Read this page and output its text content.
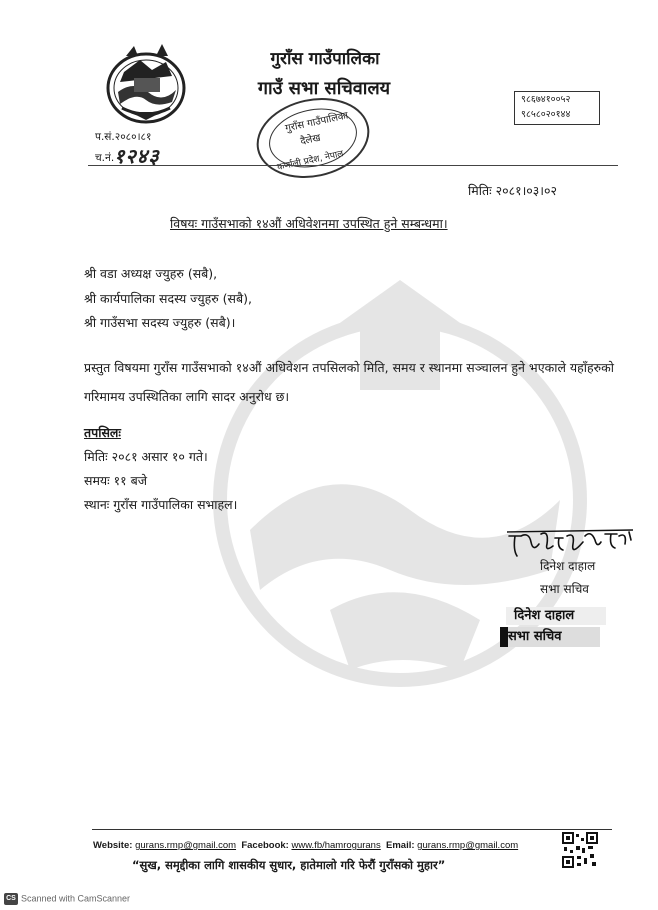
गुराँस गाउँपालिका
गाउँ सभा सचिवालय
९८६७४१००५२
९८५८०२०१४४
प.सं.२०८०।८१
च.नं. १२४३
गुराँस गाउँपालिका
दैलेख
कर्णाली प्रदेश, नेपाल
मितिः २०८१।०३।०२
विषयः गाउँसभाको १४औं अधिवेशनमा उपस्थित हुने सम्बन्धमा।
श्री वडा अध्यक्ष ज्युहरु (सबै),
श्री कार्यपालिका सदस्य ज्युहरु (सबै),
श्री गाउँसभा सदस्य ज्युहरु (सबै)।
प्रस्तुत विषयमा गुराँस गाउँसभाको १४औं अधिवेशन तपसिलको मिति, समय र स्थानमा सञ्चालन हुने भएकाले यहाँहरुको गरिमामय उपस्थितिका लागि सादर अनुरोध छ।
तपसिलः
मितिः २०८१ असार १० गते।
समयः ११ बजे
स्थानः गुराँस गाउँपालिका सभाहल।
दिनेश दाहाल
सभा सचिव
दिनेश दाहाल
सभा सचिव
Website: gurans.rmp@gmail.com Facebook: www.fb/hamrogurans Email: gurans.rmp@gmail.com
“सुख, समृद्दीका लागि शासकीय सुधार, हातेमालो गरि फेरौं गुराँसको मुहार”
CS Scanned with CamScanner
